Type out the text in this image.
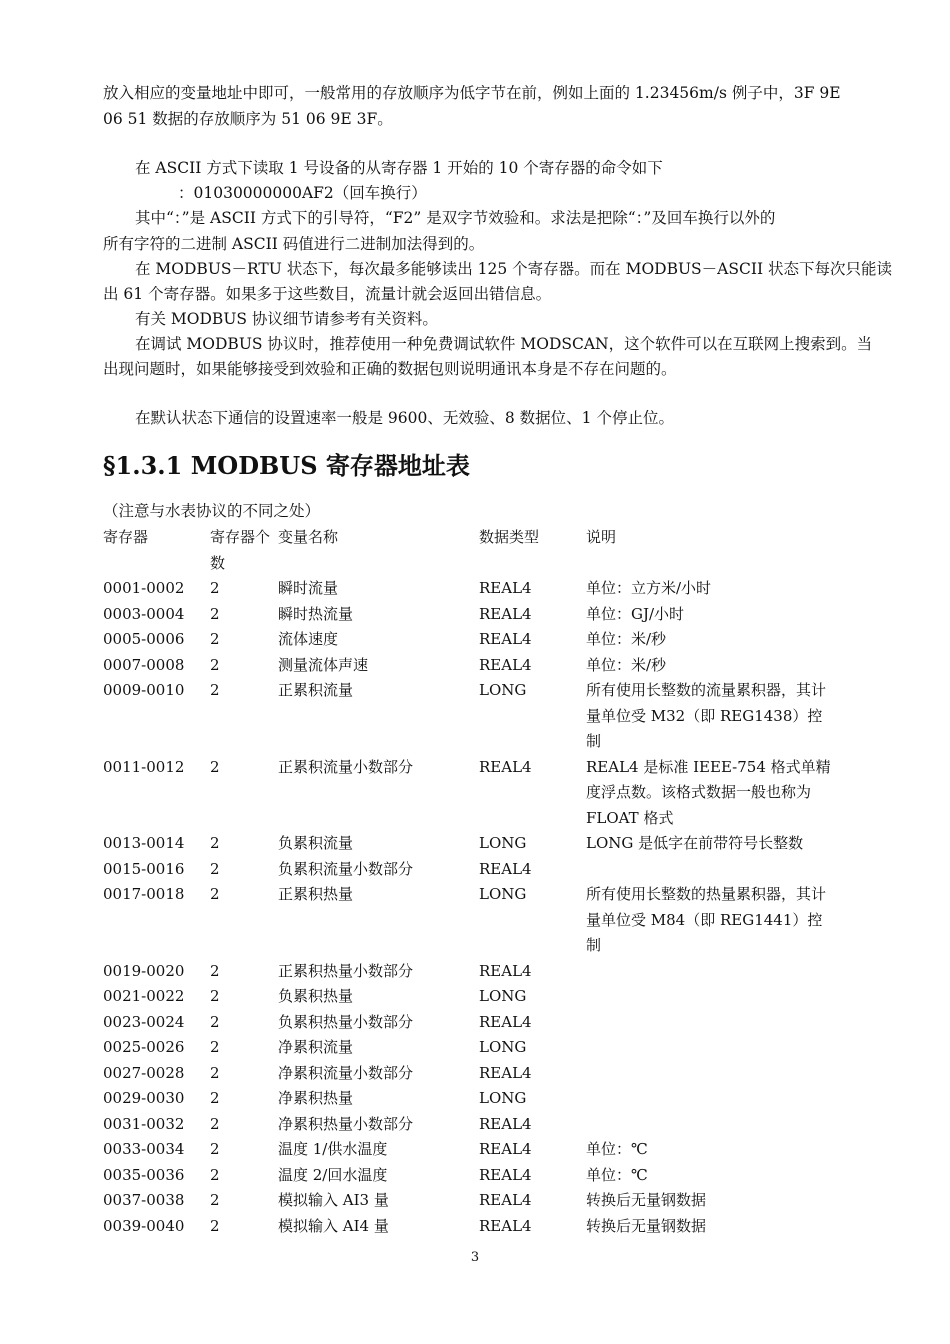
放入相应的变量地址中即可，一般常用的存放顺序为低字节在前，例如上面的 1.23456m/s 例子中，3F 9E

06 51 数据的存放顺序为 51 06 9E 3F。

在 ASCII 方式下读取 1 号设备的从寄存器 1 开始的 10 个寄存器的命令如下

：01030000000AF2（回车换行）

其中“：”是 ASCII 方式下的引导符，“F2” 是双字节效验和。求法是把除“：”及回车换行以外的

所有字符的二进制 ASCII 码值进行二进制加法得到的。

在 MODBUS－RTU 状态下，每次最多能够读出 125 个寄存器。而在 MODBUS－ASCII 状态下每次只能读

出 61 个寄存器。如果多于这些数目，流量计就会返回出错信息。

有关 MODBUS 协议细节请参考有关资料。

在调试 MODBUS 协议时，推荐使用一种免费调试软件 MODSCAN，这个软件可以在互联网上搜索到。当

出现问题时，如果能够接受到效验和正确的数据包则说明通讯本身是不存在问题的。

在默认状态下通信的设置速率一般是 9600、无效验、8 数据位、1 个停止位。

§1.3.1 MODBUS 寄存器地址表

（注意与水表协议的不同之处）

寄存器	寄存器个数	变量名称	数据类型	说明
0001-0002	2	瞬时流量	REAL4	单位：立方米/小时
0003-0004	2	瞬时热流量	REAL4	单位：GJ/小时
0005-0006	2	流体速度	REAL4	单位：米/秒
0007-0008	2	测量流体声速	REAL4	单位：米/秒
0009-0010	2	正累积流量	LONG	所有使用长整数的流量累积器，其计量单位受 M32（即 REG1438）控制
0011-0012	2	正累积流量小数部分	REAL4	REAL4 是标准 IEEE-754 格式单精度浮点数。该格式数据一般也称为 FLOAT 格式
0013-0014	2	负累积流量	LONG	LONG 是低字在前带符号长整数
0015-0016	2	负累积流量小数部分	REAL4	
0017-0018	2	正累积热量	LONG	所有使用长整数的热量累积器，其计量单位受 M84（即 REG1441）控制
0019-0020	2	正累积热量小数部分	REAL4	
0021-0022	2	负累积热量	LONG	
0023-0024	2	负累积热量小数部分	REAL4	
0025-0026	2	净累积流量	LONG	
0027-0028	2	净累积流量小数部分	REAL4	
0029-0030	2	净累积热量	LONG	
0031-0032	2	净累积热量小数部分	REAL4	
0033-0034	2	温度 1/供水温度	REAL4	单位：℃
0035-0036	2	温度 2/回水温度	REAL4	单位：℃
0037-0038	2	模拟输入 AI3 量	REAL4	转换后无量钢数据
0039-0040	2	模拟输入 AI4 量	REAL4	转换后无量钢数据
3
